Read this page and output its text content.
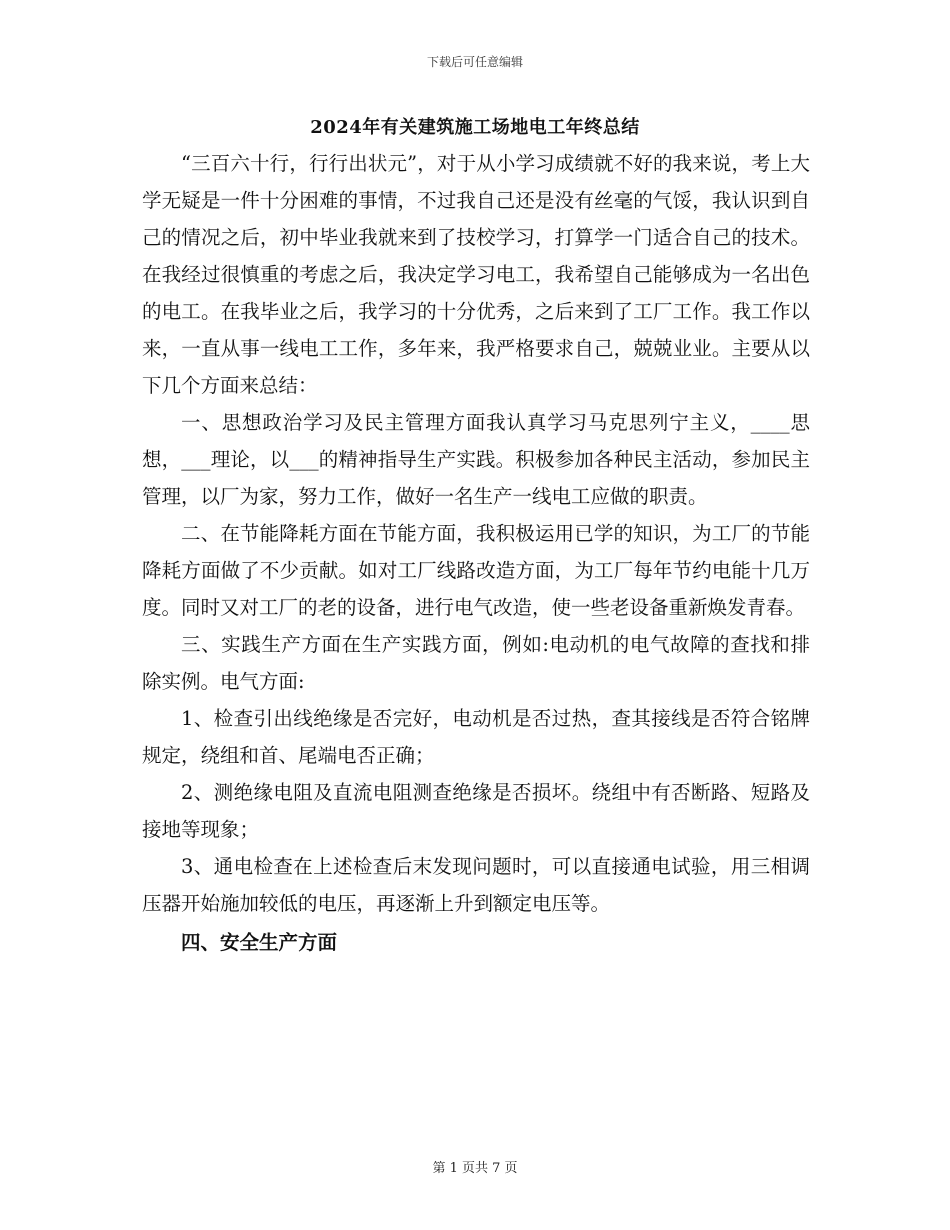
下载后可任意编辑
2024年有关建筑施工场地电工年终总结

“三百六十行，行行出状元”，对于从小学习成绩就不好的我来说，考上大学无疑是一件十分困难的事情，不过我自己还是没有丝毫的气馁，我认识到自己的情况之后，初中毕业我就来到了技校学习，打算学一门适合自己的技术。在我经过很慎重的考虑之后，我决定学习电工，我希望自己能够成为一名出色的电工。在我毕业之后，我学习的十分优秀，之后来到了工厂工作。我工作以来，一直从事一线电工工作，多年来，我严格要求自己，兢兢业业。主要从以下几个方面来总结：

一、思想政治学习及民主管理方面我认真学习马克思列宁主义，____思想，___理论，以___的精神指导生产实践。积极参加各种民主活动，参加民主管理，以厂为家，努力工作，做好一名生产一线电工应做的职责。

二、在节能降耗方面在节能方面，我积极运用已学的知识，为工厂的节能降耗方面做了不少贡献。如对工厂线路改造方面，为工厂每年节约电能十几万度。同时又对工厂的老的设备，进行电气改造，使一些老设备重新焕发青春。

三、实践生产方面在生产实践方面，例如:电动机的电气故障的查找和排除实例。电气方面:

1、检查引出线绝缘是否完好，电动机是否过热，查其接线是否符合铭牌规定，绕组和首、尾端电否正确；

2、测绝缘电阻及直流电阻测查绝缘是否损坏。绕组中有否断路、短路及接地等现象；

3、通电检查在上述检查后末发现问题时，可以直接通电试验，用三相调压器开始施加较低的电压，再逐渐上升到额定电压等。

四、安全生产方面

第 1 页共 7 页
